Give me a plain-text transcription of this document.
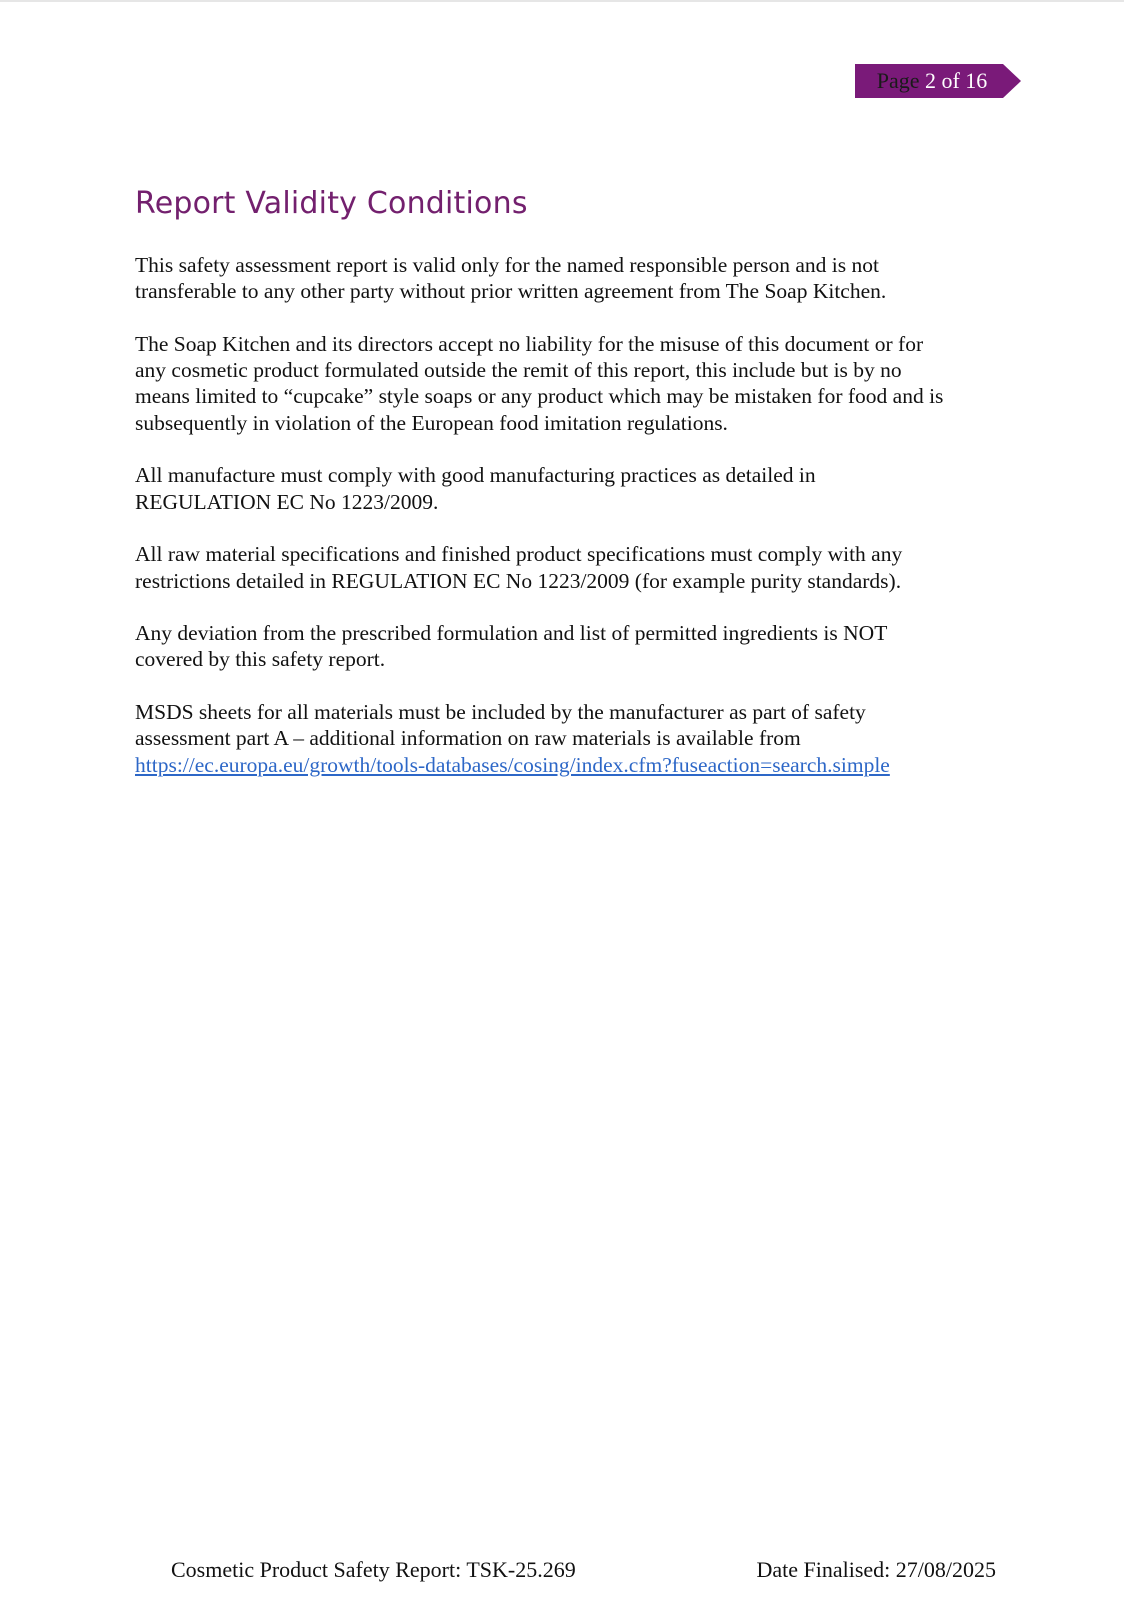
Page 2 of 16
Report Validity Conditions

This safety assessment report is valid only for the named responsible person and is not
transferable to any other party without prior written agreement from The Soap Kitchen.

The Soap Kitchen and its directors accept no liability for the misuse of this document or for
any cosmetic product formulated outside the remit of this report, this include but is by no
means limited to “cupcake” style soaps or any product which may be mistaken for food and is
subsequently in violation of the European food imitation regulations.

All manufacture must comply with good manufacturing practices as detailed in
REGULATION EC No 1223/2009.

All raw material specifications and finished product specifications must comply with any
restrictions detailed in REGULATION EC No 1223/2009 (for example purity standards).

Any deviation from the prescribed formulation and list of permitted ingredients is NOT
covered by this safety report.

MSDS sheets for all materials must be included by the manufacturer as part of safety
assessment part A – additional information on raw materials is available from
https://ec.europa.eu/growth/tools-databases/cosing/index.cfm?fuseaction=search.simple

Cosmetic Product Safety Report: TSK-25.269	Date Finalised: 27/08/2025
